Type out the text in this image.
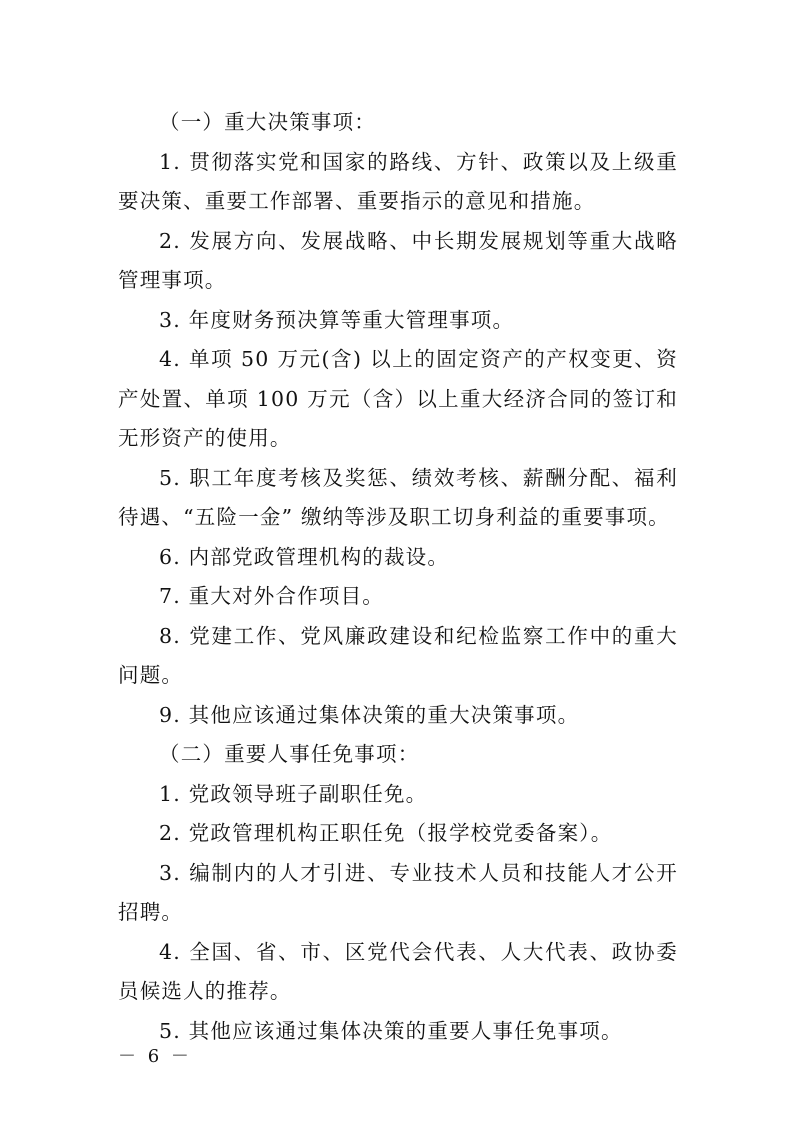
（一）重大决策事项：

1. 贯彻落实党和国家的路线、方针、政策以及上级重要决策、重要工作部署、重要指示的意见和措施。

2. 发展方向、发展战略、中长期发展规划等重大战略管理事项。

3. 年度财务预决算等重大管理事项。

4. 单项 50 万元(含) 以上的固定资产的产权变更、资产处置、单项 100 万元（含）以上重大经济合同的签订和无形资产的使用。

5. 职工年度考核及奖惩、绩效考核、薪酬分配、福利待遇、“五险一金” 缴纳等涉及职工切身利益的重要事项。

6. 内部党政管理机构的裁设。

7. 重大对外合作项目。

8. 党建工作、党风廉政建设和纪检监察工作中的重大问题。

9. 其他应该通过集体决策的重大决策事项。

（二）重要人事任免事项：

1. 党政领导班子副职任免。

2. 党政管理机构正职任免（报学校党委备案）。

3. 编制内的人才引进、专业技术人员和技能人才公开招聘。

4. 全国、省、市、区党代会代表、人大代表、政协委员候选人的推荐。

5. 其他应该通过集体决策的重要人事任免事项。

－ 6 －
